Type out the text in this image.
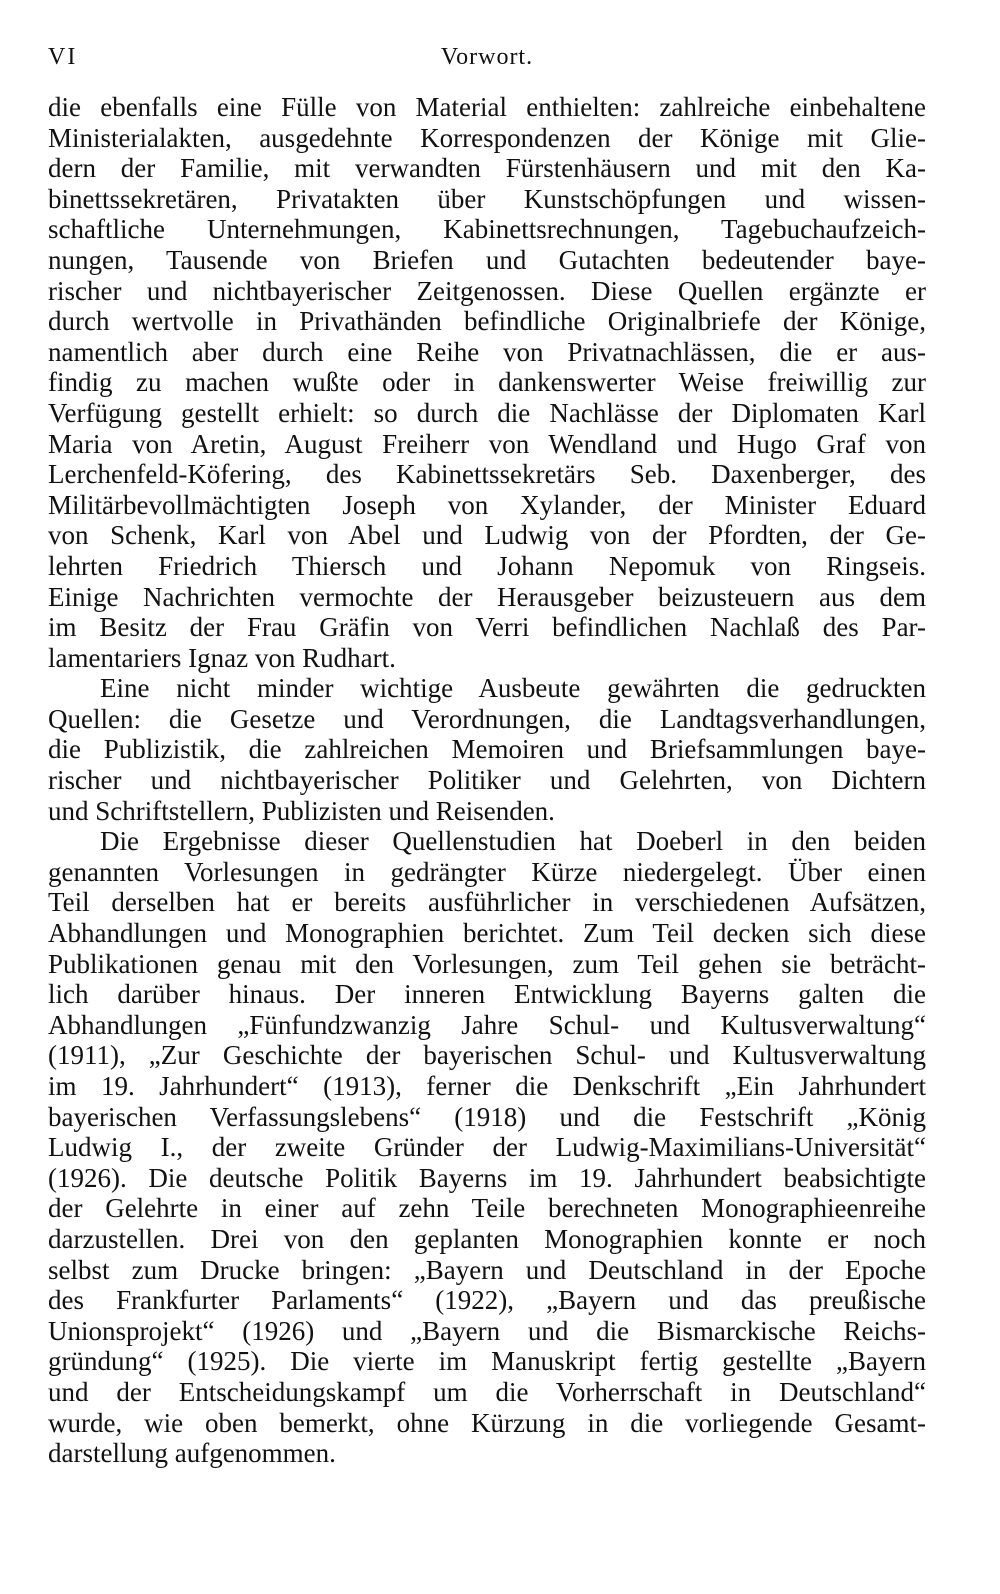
VI	Vorwort.
die ebenfalls eine Fülle von Material enthielten: zahlreiche einbehaltene
Ministerialakten, ausgedehnte Korrespondenzen der Könige mit Glie-
dern der Familie, mit verwandten Fürstenhäusern und mit den Ka-
binettssekretären, Privatakten über Kunstschöpfungen und wissen-
schaftliche Unternehmungen, Kabinettsrechnungen, Tagebuchaufzeich-
nungen, Tausende von Briefen und Gutachten bedeutender baye-
rischer und nichtbayerischer Zeitgenossen. Diese Quellen ergänzte er
durch wertvolle in Privathänden befindliche Originalbriefe der Könige,
namentlich aber durch eine Reihe von Privatnachlässen, die er aus-
findig zu machen wußte oder in dankenswerter Weise freiwillig zur
Verfügung gestellt erhielt: so durch die Nachlässe der Diplomaten Karl
Maria von Aretin, August Freiherr von Wendland und Hugo Graf von
Lerchenfeld-Köfering, des Kabinettssekretärs Seb. Daxenberger, des
Militärbevollmächtigten Joseph von Xylander, der Minister Eduard
von Schenk, Karl von Abel und Ludwig von der Pfordten, der Ge-
lehrten Friedrich Thiersch und Johann Nepomuk von Ringseis.
Einige Nachrichten vermochte der Herausgeber beizusteuern aus dem
im Besitz der Frau Gräfin von Verri befindlichen Nachlaß des Par-
lamentariers Ignaz von Rudhart.
Eine nicht minder wichtige Ausbeute gewährten die gedruckten
Quellen: die Gesetze und Verordnungen, die Landtagsverhandlungen,
die Publizistik, die zahlreichen Memoiren und Briefsammlungen baye-
rischer und nichtbayerischer Politiker und Gelehrten, von Dichtern
und Schriftstellern, Publizisten und Reisenden.
Die Ergebnisse dieser Quellenstudien hat Doeberl in den beiden
genannten Vorlesungen in gedrängter Kürze niedergelegt. Über einen
Teil derselben hat er bereits ausführlicher in verschiedenen Aufsätzen,
Abhandlungen und Monographien berichtet. Zum Teil decken sich diese
Publikationen genau mit den Vorlesungen, zum Teil gehen sie beträcht-
lich darüber hinaus. Der inneren Entwicklung Bayerns galten die
Abhandlungen „Fünfundzwanzig Jahre Schul- und Kultusverwaltung“
(1911), „Zur Geschichte der bayerischen Schul- und Kultusverwaltung
im 19. Jahrhundert“ (1913), ferner die Denkschrift „Ein Jahrhundert
bayerischen Verfassungslebens“ (1918) und die Festschrift „König
Ludwig I., der zweite Gründer der Ludwig-Maximilians-Universität“
(1926). Die deutsche Politik Bayerns im 19. Jahrhundert beabsichtigte
der Gelehrte in einer auf zehn Teile berechneten Monographieenreihe
darzustellen. Drei von den geplanten Monographien konnte er noch
selbst zum Drucke bringen: „Bayern und Deutschland in der Epoche
des Frankfurter Parlaments“ (1922), „Bayern und das preußische
Unionsprojekt“ (1926) und „Bayern und die Bismarckische Reichs-
gründung“ (1925). Die vierte im Manuskript fertig gestellte „Bayern
und der Entscheidungskampf um die Vorherrschaft in Deutschland“
wurde, wie oben bemerkt, ohne Kürzung in die vorliegende Gesamt-
darstellung aufgenommen.
